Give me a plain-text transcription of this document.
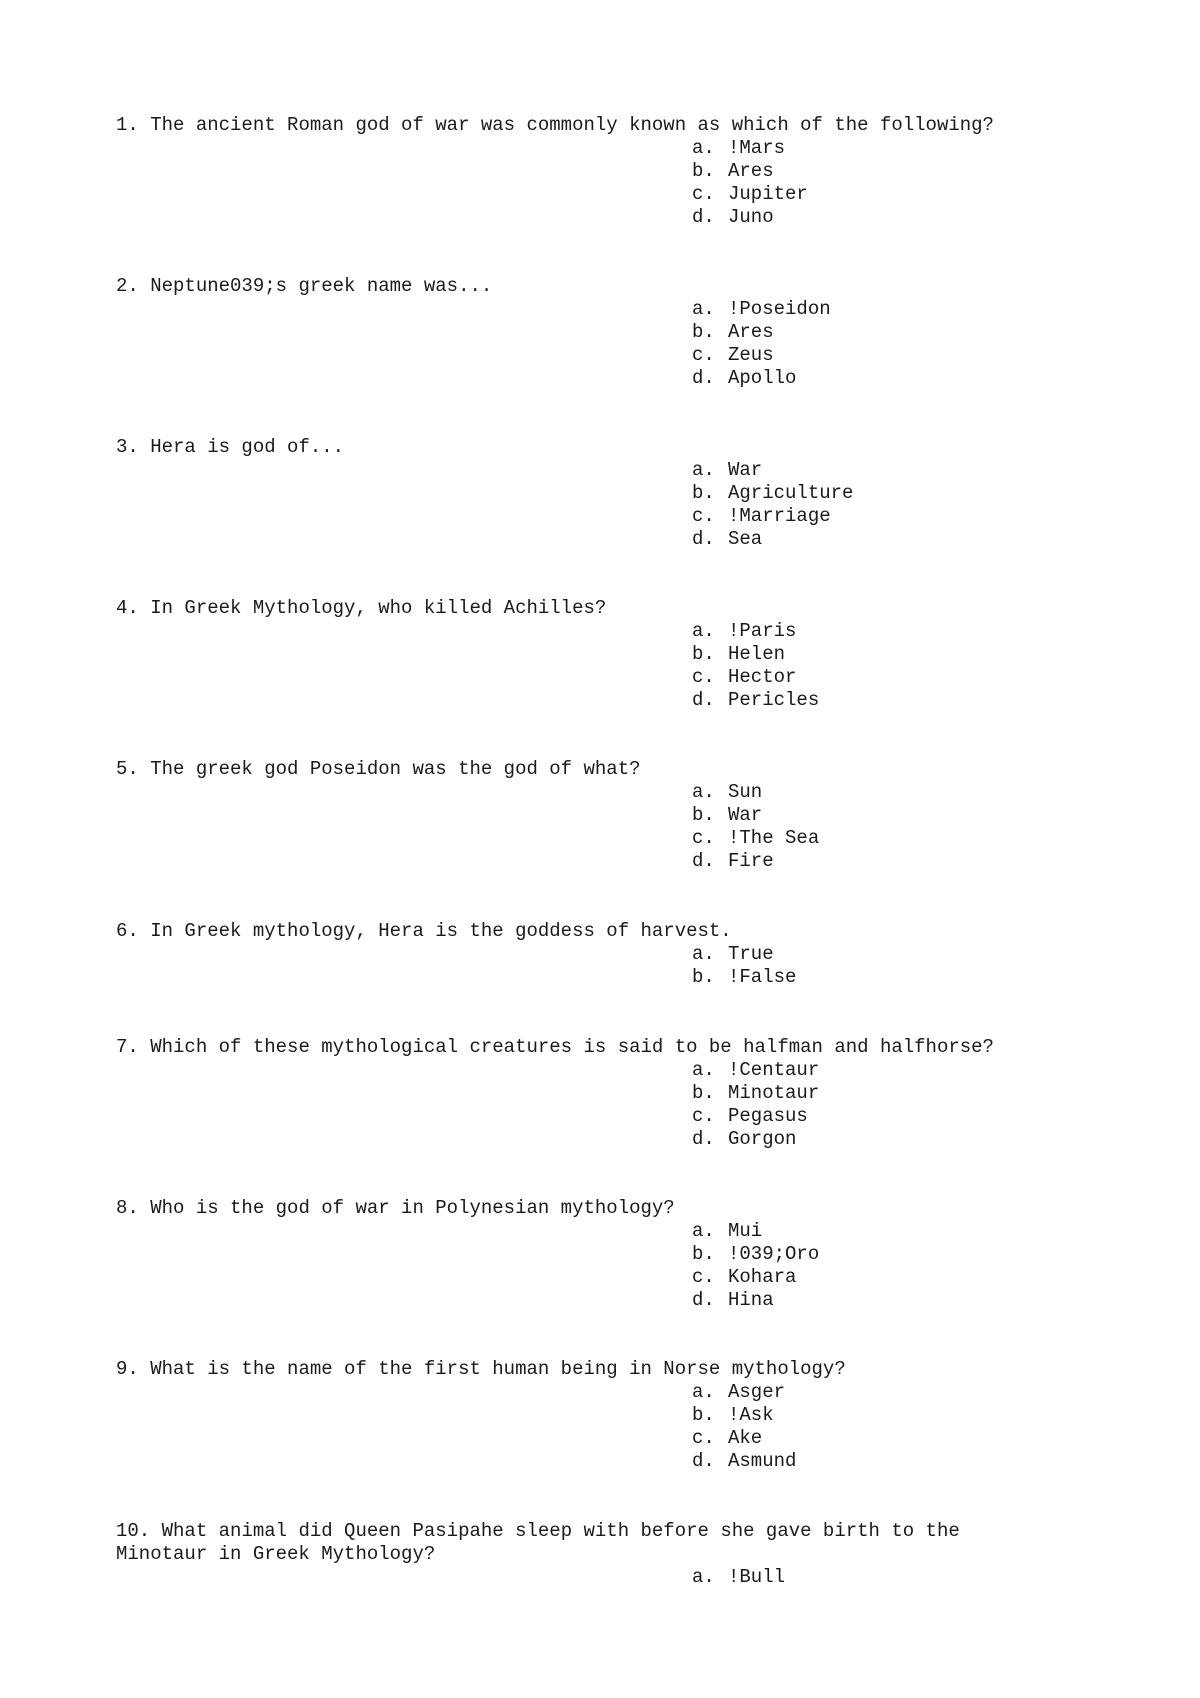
1. The ancient Roman god of war was commonly known as which of the following?

a. !Mars
b. Ares
c. Jupiter
d. Juno

2. Neptune039;s greek name was...

a. !Poseidon
b. Ares
c. Zeus
d. Apollo

3. Hera is god of...

a. War
b. Agriculture
c. !Marriage
d. Sea

4. In Greek Mythology, who killed Achilles?

a. !Paris
b. Helen
c. Hector
d. Pericles

5. The greek god Poseidon was the god of what?

a. Sun
b. War
c. !The Sea
d. Fire

6. In Greek mythology, Hera is the goddess of harvest.

a. True
b. !False

7. Which of these mythological creatures is said to be halfman and halfhorse?

a. !Centaur
b. Minotaur
c. Pegasus
d. Gorgon

8. Who is the god of war in Polynesian mythology?

a. Mui
b. !039;Oro
c. Kohara
d. Hina

9. What is the name of the first human being in Norse mythology?

a. Asger
b. !Ask
c. Ake
d. Asmund

10. What animal did Queen Pasipahe sleep with before she gave birth to the
Minotaur in Greek Mythology?

a. !Bull
